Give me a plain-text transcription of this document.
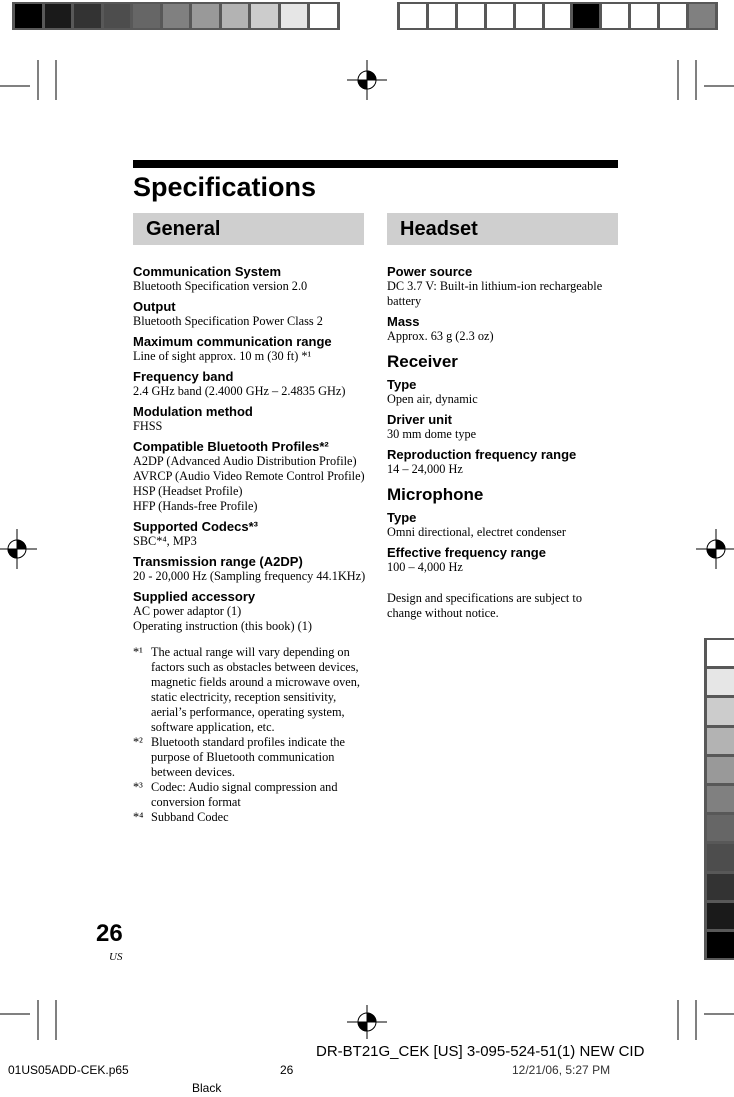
Specifications
General	Headset
Communication System
Bluetooth Specification version 2.0
Output
Bluetooth Specification Power Class 2
Maximum communication range
Line of sight approx. 10 m (30 ft) *¹
Frequency band
2.4 GHz band (2.4000 GHz – 2.4835 GHz)
Modulation method
FHSS
Compatible Bluetooth Profiles*²
A2DP (Advanced Audio Distribution Profile)
AVRCP (Audio Video Remote Control Profile)
HSP (Headset Profile)
HFP (Hands-free Profile)
Supported Codecs*³
SBC*⁴, MP3
Transmission range (A2DP)
20 - 20,000 Hz (Sampling frequency 44.1KHz)
Supplied accessory
AC power adaptor (1)
Operating instruction (this book) (1)
*¹ The actual range will vary depending on factors such as obstacles between devices, magnetic fields around a microwave oven, static electricity, reception sensitivity, aerial’s performance, operating system, software application, etc.
*² Bluetooth standard profiles indicate the purpose of Bluetooth communication between devices.
*³ Codec: Audio signal compression and conversion format
*⁴ Subband Codec
Power source
DC 3.7 V: Built-in lithium-ion rechargeable battery
Mass
Approx. 63 g (2.3 oz)
Receiver
Type
Open air, dynamic
Driver unit
30 mm dome type
Reproduction frequency range
14 – 24,000 Hz
Microphone
Type
Omni directional, electret condenser
Effective frequency range
100 – 4,000 Hz
Design and specifications are subject to change without notice.
26
US
DR-BT21G_CEK [US] 3-095-524-51(1) NEW CID
01US05ADD-CEK.p65	26	12/21/06, 5:27 PM
Black
